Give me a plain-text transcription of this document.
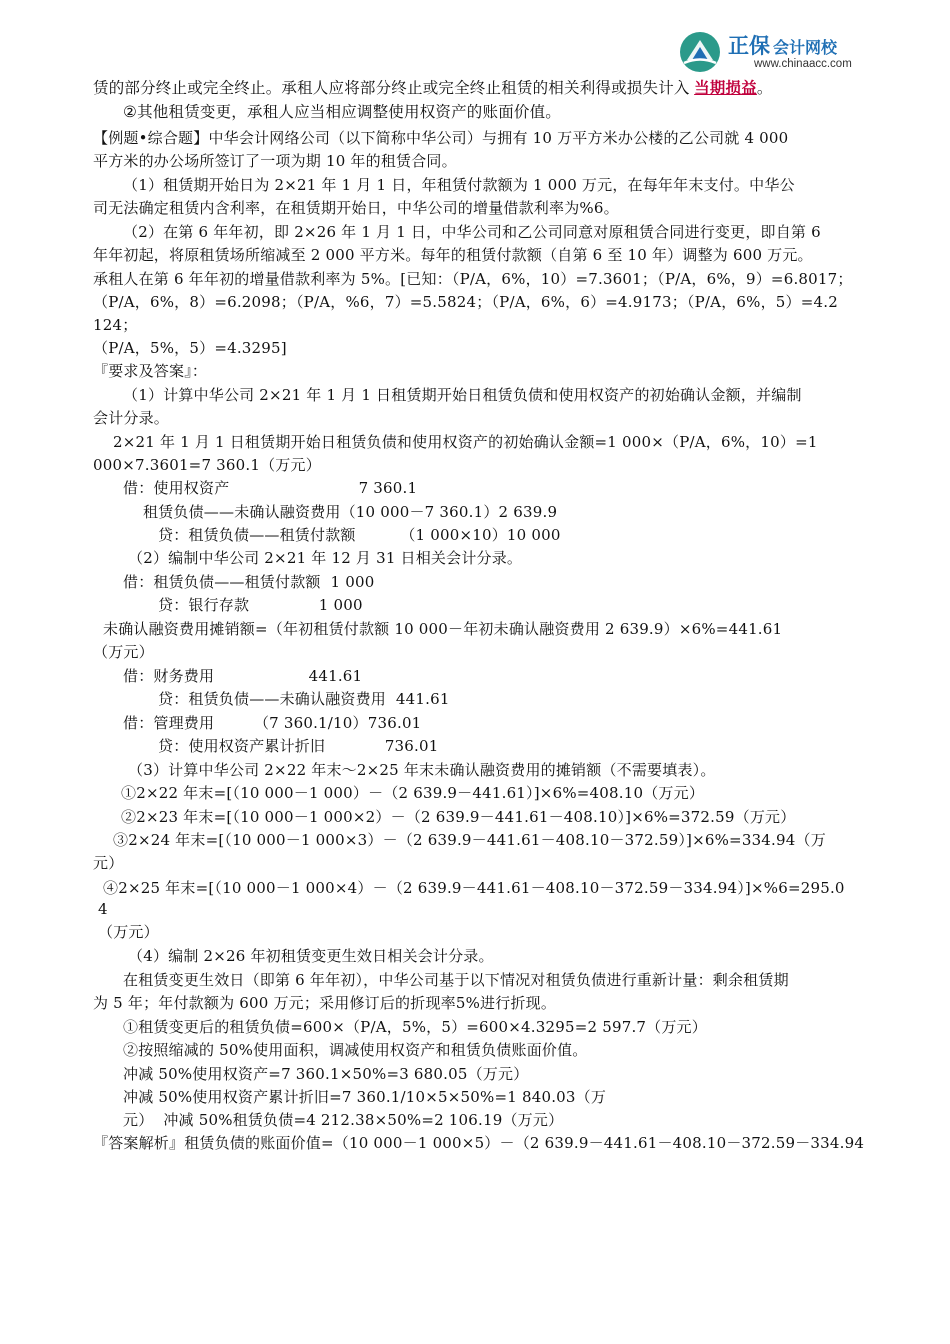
正保 会计网校
www.chinaacc.com
赁的部分终止或完全终止。承租人应将部分终止或完全终止租赁的相关利得或损失计入 当期损益。
②其他租赁变更，承租人应当相应调整使用权资产的账面价值。
【例题•综合题】中华会计网络公司（以下简称中华公司）与拥有 10 万平方米办公楼的乙公司就 4 000
平方米的办公场所签订了一项为期 10 年的租赁合同。
（1）租赁期开始日为 2×21 年 1 月 1 日，年租赁付款额为 1 000 万元，在每年年末支付。中华公
司无法确定租赁内含利率，在租赁期开始日，中华公司的增量借款利率为%6。
（2）在第 6 年年初，即 2×26 年 1 月 1 日，中华公司和乙公司同意对原租赁合同进行变更，即自第 6
年年初起，将原租赁场所缩减至 2 000 平方米。每年的租赁付款额（自第 6 至 10 年）调整为 600 万元。
承租人在第 6 年年初的增量借款利率为 5%。[已知：（P/A，6%，10）=7.3601；（P/A，6%，9）=6.8017；
（P/A，6%，8）=6.2098；（P/A，%6，7）=5.5824；（P/A，6%，6）=4.9173；（P/A，6%，5）=4.2
124；
（P/A，5%，5）=4.3295]
『要求及答案』：
（1）计算中华公司 2×21 年 1 月 1 日租赁期开始日租赁负债和使用权资产的初始确认金额，并编制
会计分录。
2×21 年 1 月 1 日租赁期开始日租赁负债和使用权资产的初始确认金额=1 000×（P/A，6%，10）=1
000×7.3601=7 360.1（万元）
借：使用权资产                          7 360.1
租赁负债——未确认融资费用（10 000－7 360.1）2 639.9
贷：租赁负债——租赁付款额         （1 000×10）10 000
（2）编制中华公司 2×21 年 12 月 31 日相关会计分录。
借：租赁负债——租赁付款额  1 000
贷：银行存款              1 000
未确认融资费用摊销额=（年初租赁付款额 10 000－年初未确认融资费用 2 639.9）×6%=441.61
（万元）
借：财务费用                   441.61
贷：租赁负债——未确认融资费用  441.61
借：管理费用        （7 360.1/10）736.01
贷：使用权资产累计折旧            736.01
（3）计算中华公司 2×22 年末～2×25 年末未确认融资费用的摊销额（不需要填表）。
①2×22 年末=[（10 000－1 000）－（2 639.9－441.61）]×6%=408.10（万元）
②2×23 年末=[（10 000－1 000×2）－（2 639.9－441.61－408.10）]×6%=372.59（万元）
③2×24 年末=[（10 000－1 000×3）－（2 639.9－441.61－408.10－372.59）]×6%=334.94（万
元）
④2×25 年末=[（10 000－1 000×4）－（2 639.9－441.61－408.10－372.59－334.94）]×%6=295.0
4
（万元）
（4）编制 2×26 年初租赁变更生效日相关会计分录。
在租赁变更生效日（即第 6 年年初），中华公司基于以下情况对租赁负债进行重新计量：剩余租赁期
为 5 年；年付款额为 600 万元；采用修订后的折现率5%进行折现。
①租赁变更后的租赁负债=600×（P/A，5%，5）=600×4.3295=2 597.7（万元）
②按照缩减的 50%使用面积，调减使用权资产和租赁负债账面价值。
冲减 50%使用权资产=7 360.1×50%=3 680.05（万元）
冲减 50%使用权资产累计折旧=7 360.1/10×5×50%=1 840.03（万
元）  冲减 50%租赁负债=4 212.38×50%=2 106.19（万元）
『答案解析』租赁负债的账面价值=（10 000－1 000×5）－（2 639.9－441.61－408.10－372.59－334.94
